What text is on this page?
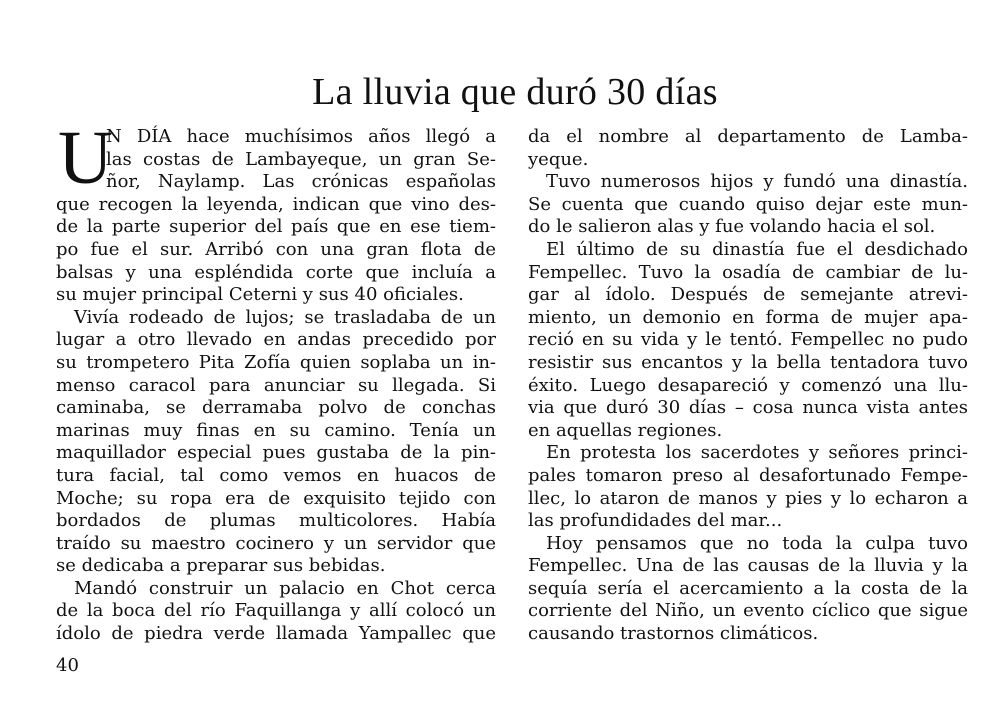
La lluvia que duró 30 días
U
N DÍA hace muchísimos años llegó a
las costas de Lambayeque, un gran Se-
ñor, Naylamp. Las crónicas españolas
que recogen la leyenda, indican que vino des-
de la parte superior del país que en ese tiem-
po fue el sur. Arribó con una gran flota de
balsas y una espléndida corte que incluía a
su mujer principal Ceterni y sus 40 oficiales.
Vivía rodeado de lujos; se trasladaba de un
lugar a otro llevado en andas precedido por
su trompetero Pita Zofía quien soplaba un in-
menso caracol para anunciar su llegada. Si
caminaba, se derramaba polvo de conchas
marinas muy finas en su camino. Tenía un
maquillador especial pues gustaba de la pin-
tura facial, tal como vemos en huacos de
Moche; su ropa era de exquisito tejido con
bordados de plumas multicolores. Había
traído su maestro cocinero y un servidor que
se dedicaba a preparar sus bebidas.
Mandó construir un palacio en Chot cerca
de la boca del río Faquillanga y allí colocó un
ídolo de piedra verde llamada Yampallec que
da el nombre al departamento de Lamba-
yeque.
Tuvo numerosos hijos y fundó una dinastía.
Se cuenta que cuando quiso dejar este mun-
do le salieron alas y fue volando hacia el sol.
El último de su dinastía fue el desdichado
Fempellec. Tuvo la osadía de cambiar de lu-
gar al ídolo. Después de semejante atrevi-
miento, un demonio en forma de mujer apa-
reció en su vida y le tentó. Fempellec no pudo
resistir sus encantos y la bella tentadora tuvo
éxito. Luego desapareció y comenzó una llu-
via que duró 30 días – cosa nunca vista antes
en aquellas regiones.
En protesta los sacerdotes y señores princi-
pales tomaron preso al desafortunado Fempe-
llec, lo ataron de manos y pies y lo echaron a
las profundidades del mar...
Hoy pensamos que no toda la culpa tuvo
Fempellec. Una de las causas de la lluvia y la
sequía sería el acercamiento a la costa de la
corriente del Niño, un evento cíclico que sigue
causando trastornos climáticos.
40
